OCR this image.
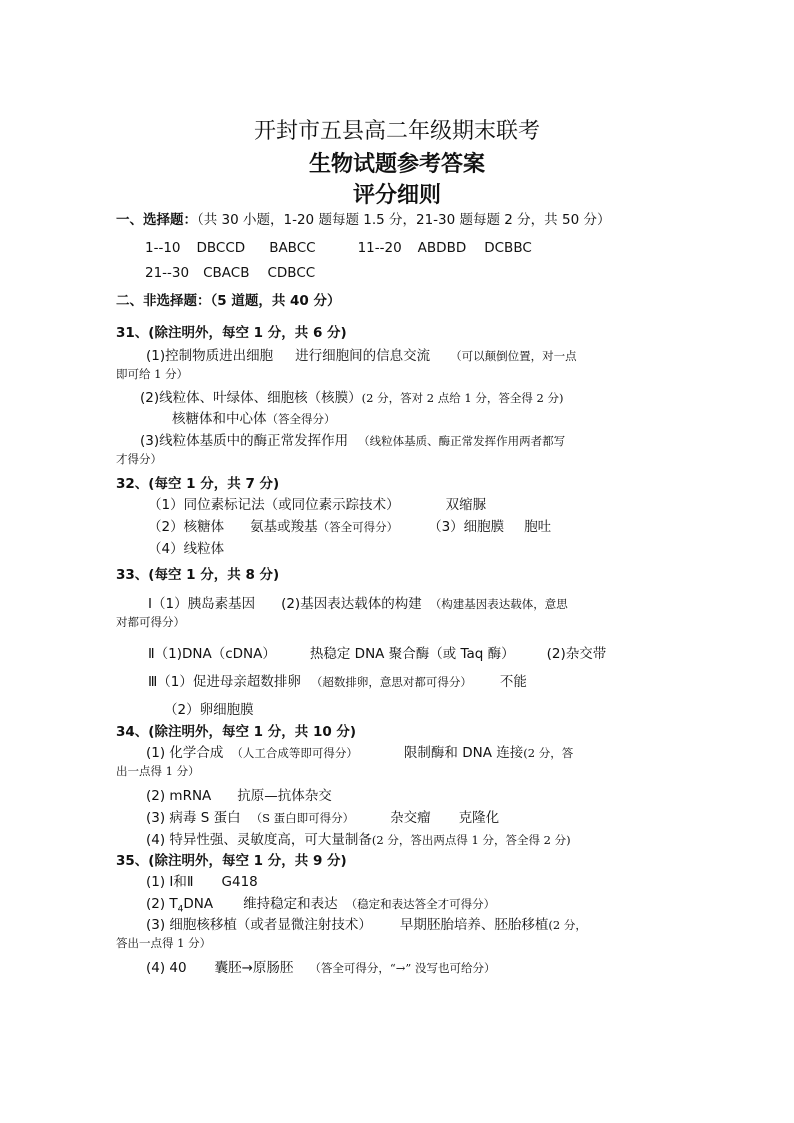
开封市五县高二年级期末联考
生物试题参考答案
评分细则
一、选择题：（共 30 小题，1-20 题每题 1.5 分，21-30 题每题 2 分，共 50 分）
1--10 DBCCD BABCC	11--20 ABDBD DCBBC
21--30 CBACB CDBCC
二、非选择题：（5 道题，共 40 分）
31、(除注明外，每空 1 分，共 6 分)
(1)控制物质进出细胞 进行细胞间的信息交流 （可以颠倒位置，对一点
即可给 1 分）
(2)线粒体、叶绿体、细胞核（核膜）(2 分，答对 2 点给 1 分，答全得 2 分)
核糖体和中心体（答全得分）
(3)线粒体基质中的酶正常发挥作用 （线粒体基质、酶正常发挥作用两者都写
才得分）
32、(每空 1 分，共 7 分)
（1）同位素标记法（或同位素示踪技术）	双缩脲
（2）核糖体 氨基或羧基（答全可得分） （3）细胞膜 胞吐
（4）线粒体
33、(每空 1 分，共 8 分)
Ⅰ（1）胰岛素基因 (2)基因表达载体的构建 （构建基因表达载体，意思
对都可得分）
Ⅱ（1)DNA（cDNA）	热稳定 DNA 聚合酶（或 Taq 酶） (2)杂交带
Ⅲ（1）促进母亲超数排卵 （超数排卵，意思对都可得分） 不能
（2）卵细胞膜
34、(除注明外，每空 1 分，共 10 分)
(1) 化学合成 （人工合成等即可得分）	限制酶和 DNA 连接(2 分，答
出一点得 1 分）
(2) mRNA 抗原—抗体杂交
(3) 病毒 S 蛋白 （S 蛋白即可得分）	杂交瘤 克隆化
(4) 特异性强、灵敏度高，可大量制备(2 分，答出两点得 1 分，答全得 2 分)
35、(除注明外，每空 1 分，共 9 分)
(1) Ⅰ和Ⅱ G418
(2) $T_4DNA$ 维持稳定和表达 （稳定和表达答全才可得分）
(3) 细胞核移植（或者显微注射技术） 早期胚胎培养、胚胎移植(2 分，
答出一点得 1 分）
(4) 40 囊胚→原肠胚 （答全可得分，“→” 没写也可给分）
